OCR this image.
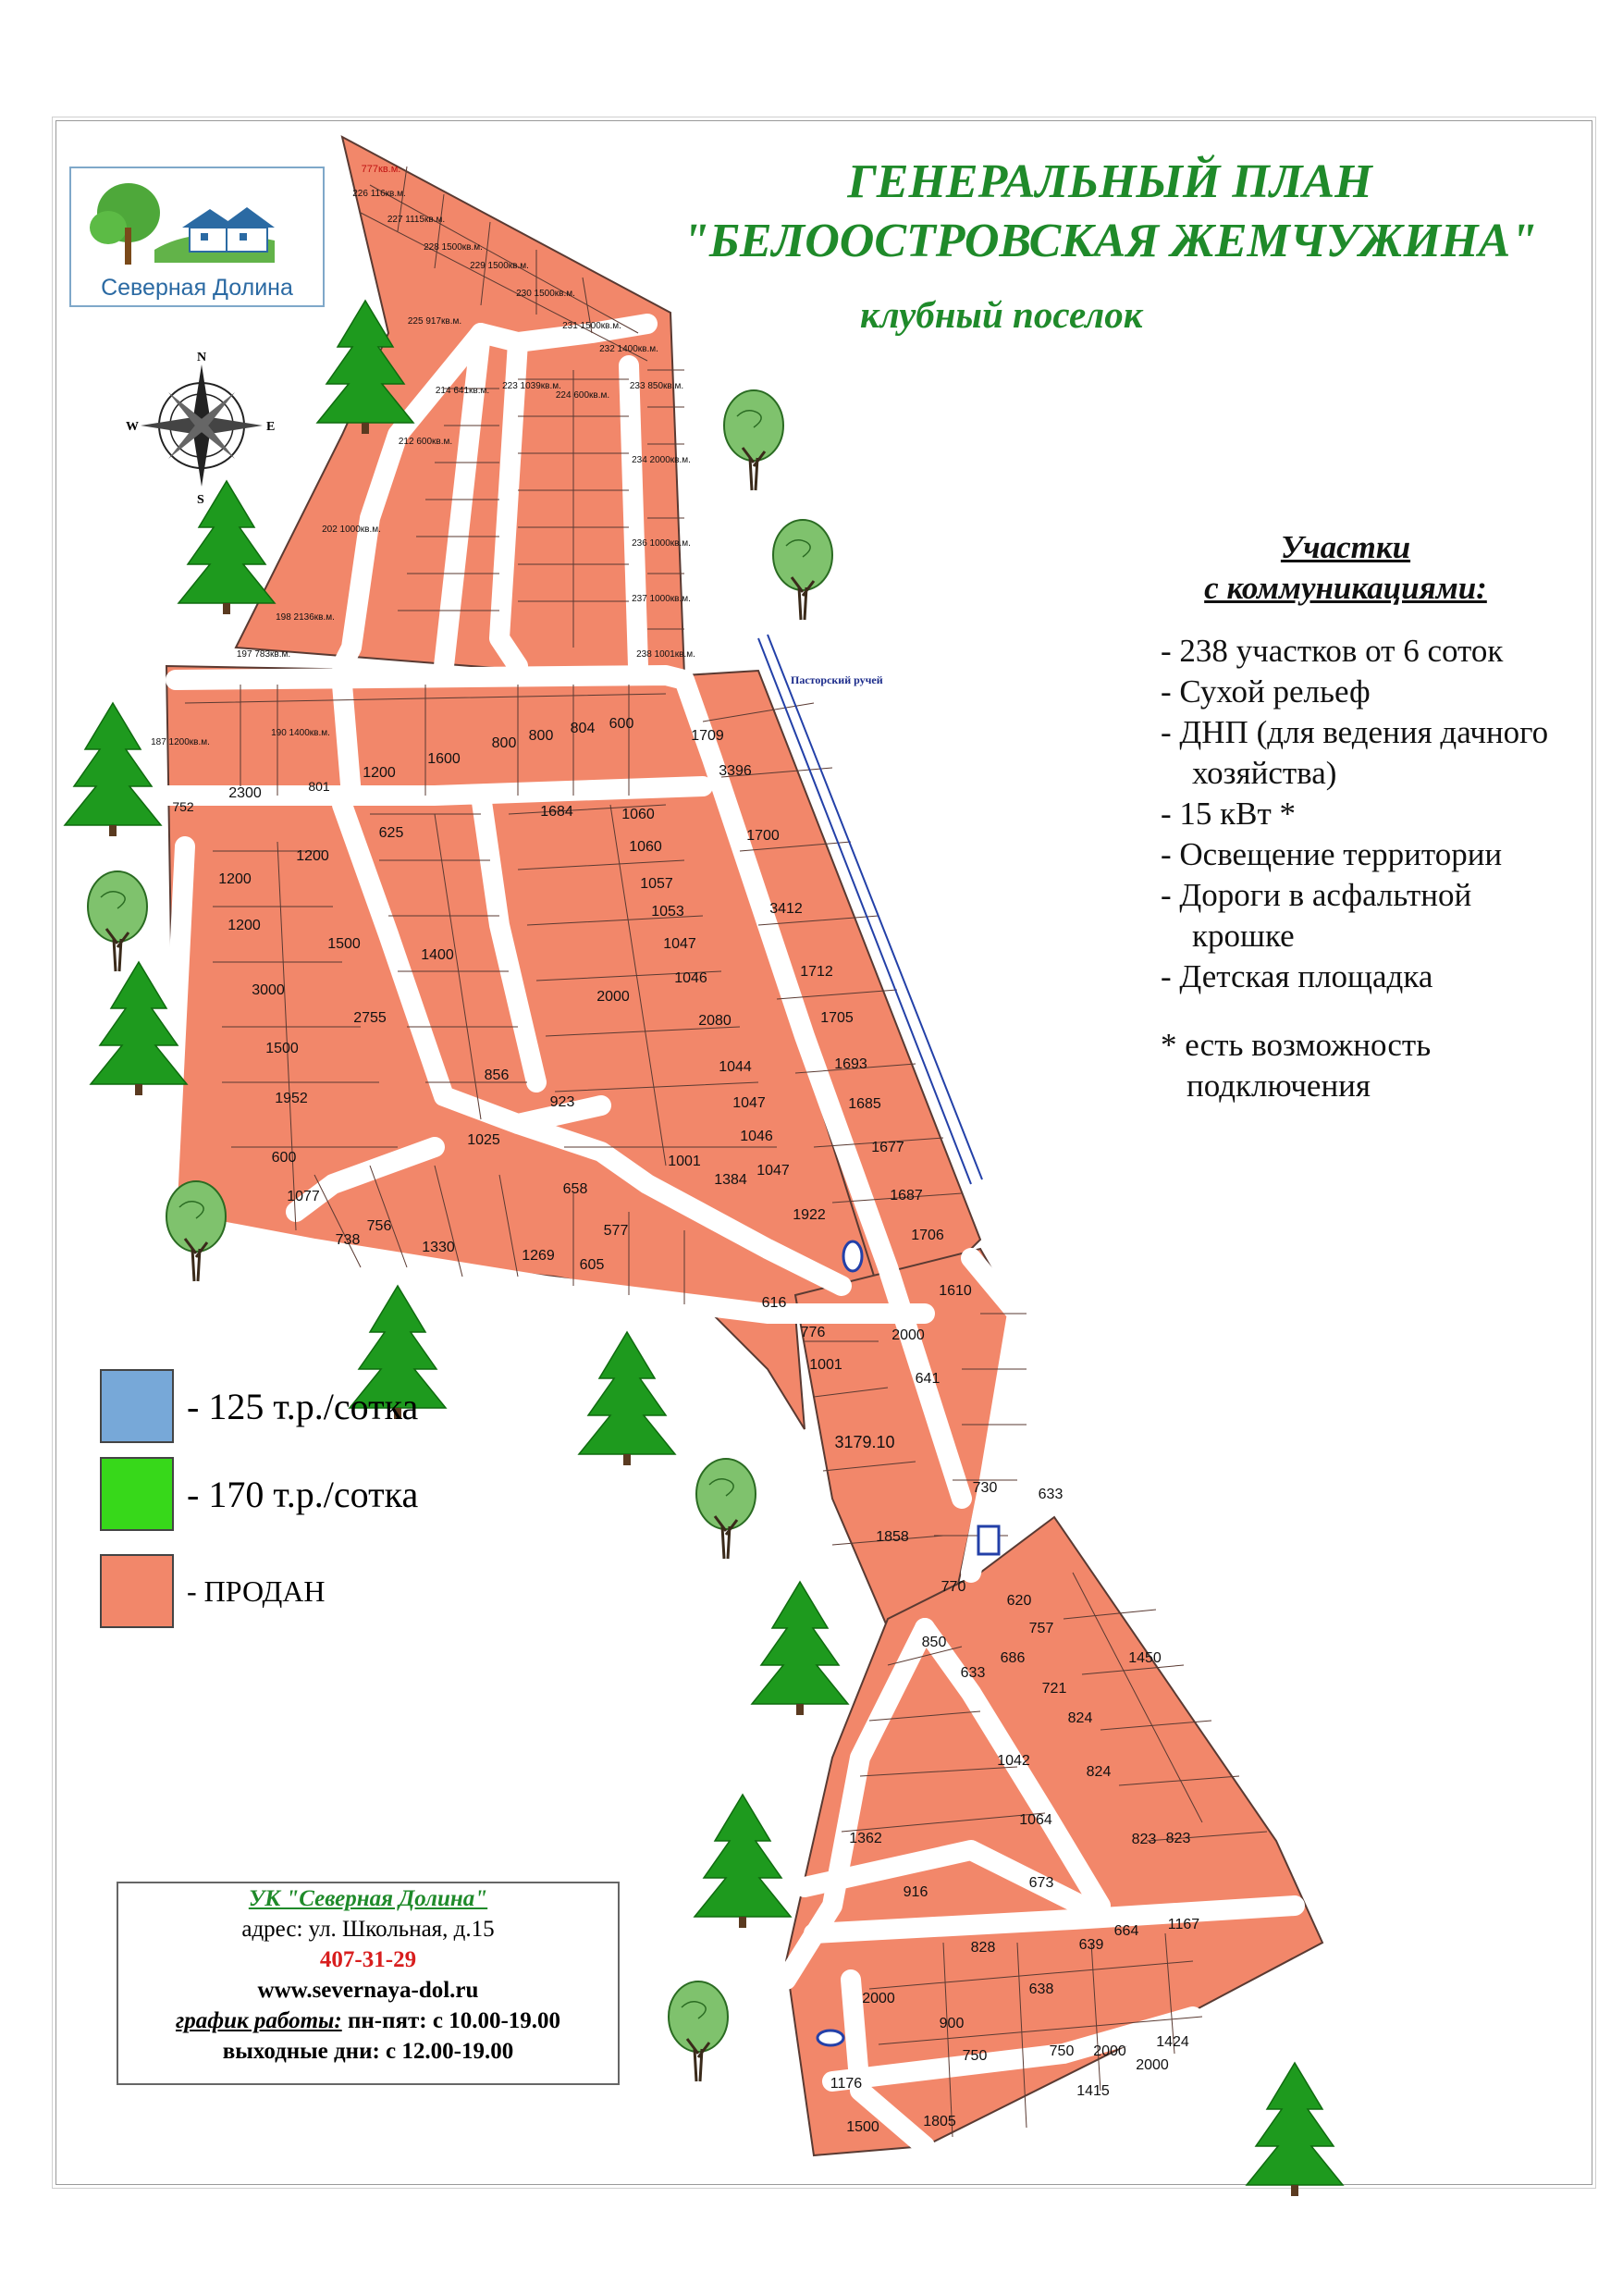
N
S
W	E
777кв.м.
226 116кв.м.
227 1115кв.м.
228 1500кв.м.
229 1500кв.м.
230 1500кв.м.
231 1500кв.м.
232 1400кв.м.
225 917кв.м.
233 850кв.м.
234 2000кв.м.
236 1000кв.м.
237 1000кв.м.
238 1001кв.м.
223 1039кв.м.
224 600кв.м.
214 641кв.м.
212 600кв.м.
202 1000кв.м.
198 2136кв.м.
197 783кв.м.
187 1200кв.м.
190 1400кв.м.
2300
752
801
1200
1600
800 800 804 600
1709
3396
1700
3412
1712
1705
1693
1685
1677
1687
1706
1610
1684	1060
1060
1057
1053
1047
1046
2080
2000
1044
1047
1046
1047
1384
1922
1001
1200
1200
1200
1500
3000
2755
1500
1952
600
1077
738
756
1330
1269
1025
658
577
605
616
923
856
1400
625
776
1001
2000
641
3179.10
1858
730	633
770
620
757
850
633
686
721
1450
824
824
1042
1362
1064
823 823
673
916
639
1167
664
828
638
2000
2000
2000
900
750	750
1424
1415
1176
1500	1805
Северная Долина
ГЕНЕРАЛЬНЫЙ ПЛАН
"БЕЛООСТРОВСКАЯ ЖЕМЧУЖИНА"
клубный поселок
Пасторский ручей
Участки
с коммуникациями:
- 238 участков от 6 соток
- Сухой рельеф
- ДНП (для ведения дачного хозяйства)
- 15 кВт *
- Освещение территории
- Дороги в асфальтной крошке
- Детская площадка
* есть возможность подключения
- 125 т.р./сотка
- 170 т.р./сотка
- ПРОДАН
УК "Северная Долина"
адрес: ул. Школьная, д.15
407-31-29
www.severnaya-dol.ru
график работы: пн-пят: с 10.00-19.00
выходные дни: с 12.00-19.00
